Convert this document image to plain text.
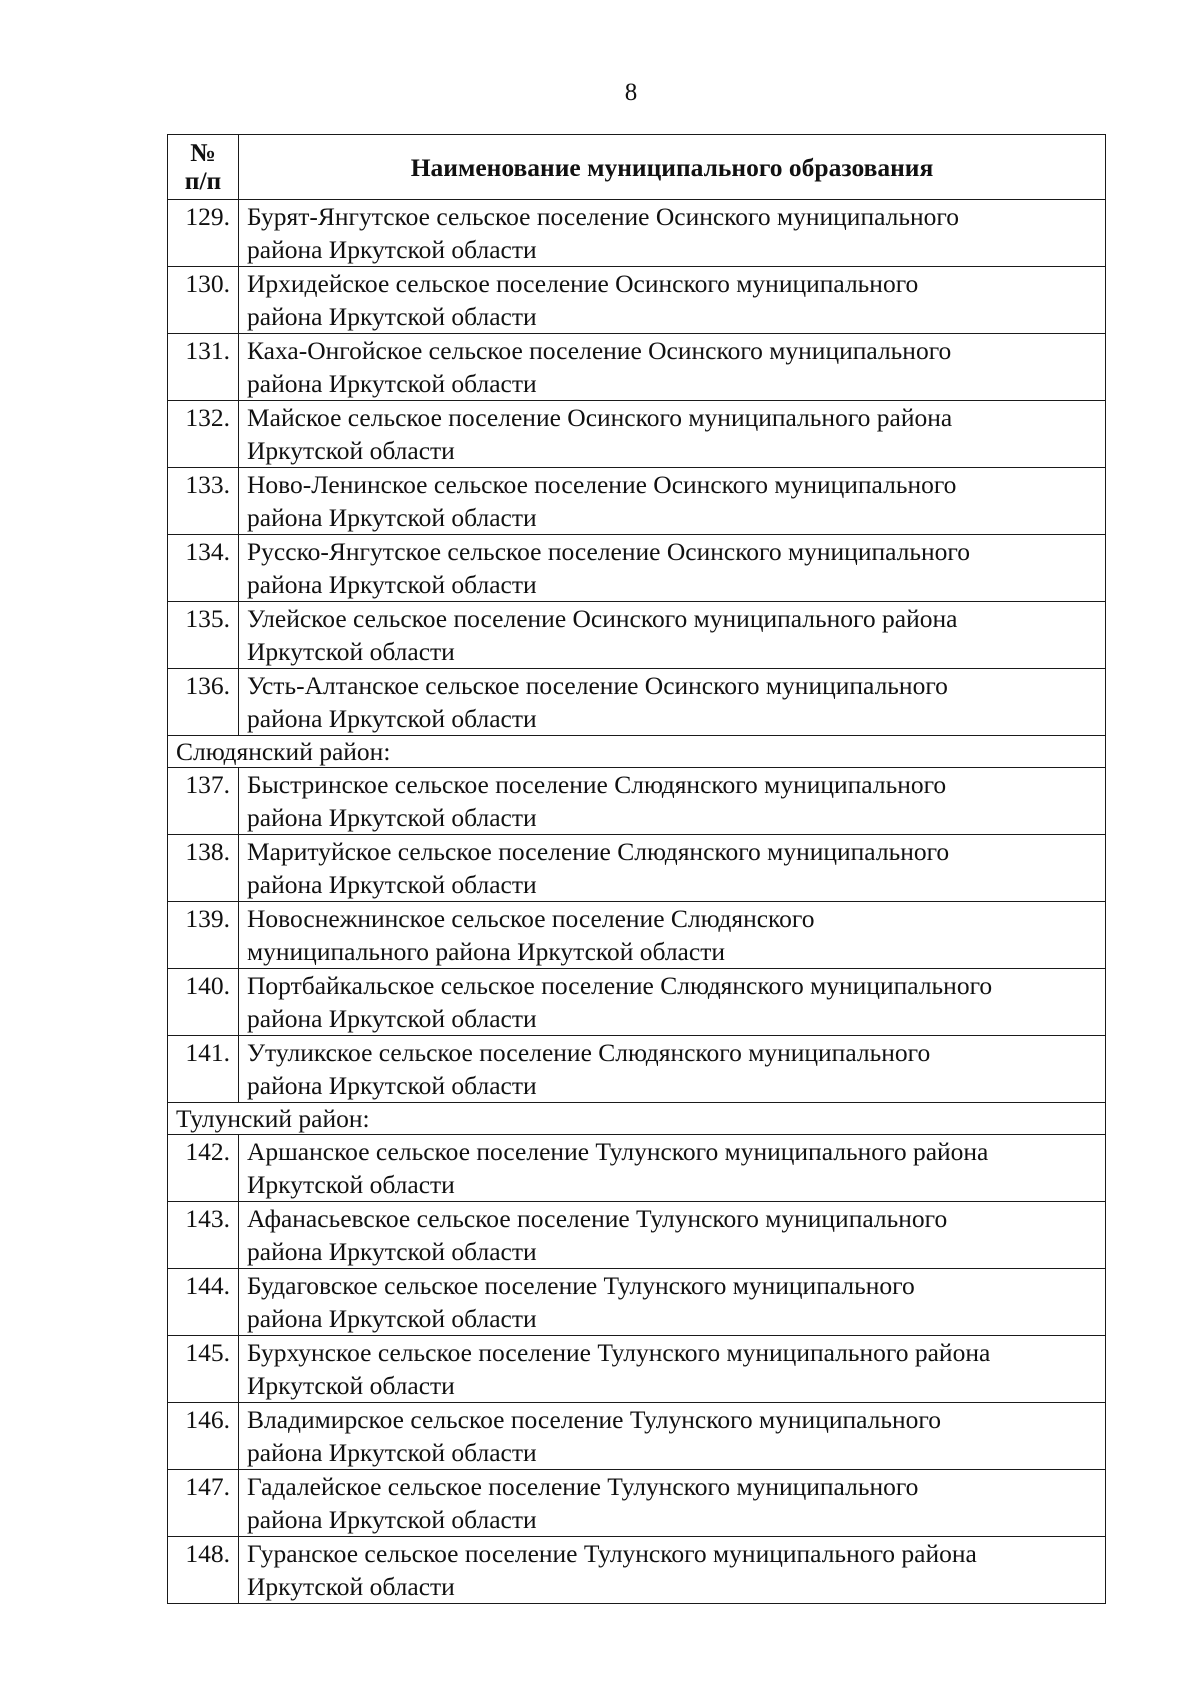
8
№
п/п	Наименование муниципального образования
129.	Бурят-Янгутское сельское поселение Осинского муниципального
района Иркутской области

130.	Ирхидейское сельское поселение Осинского муниципального
района Иркутской области

131.	Каха-Онгойское сельское поселение Осинского муниципального
района Иркутской области

132.	Майское сельское поселение Осинского муниципального района
Иркутской области

133.	Ново-Ленинское сельское поселение Осинского муниципального
района Иркутской области

134.	Русско-Янгутское сельское поселение Осинского муниципального
района Иркутской области

135.	Улейское сельское поселение Осинского муниципального района
Иркутской области

136.	Усть-Алтанское сельское поселение Осинского муниципального
района Иркутской области

Слюдянский район:	
137.	Быстринское сельское поселение Слюдянского муниципального
района Иркутской области

138.	Маритуйское сельское поселение Слюдянского муниципального
района Иркутской области

139.	Новоснежнинское сельское поселение Слюдянского
муниципального района Иркутской области

140.	Портбайкальское сельское поселение Слюдянского муниципального
района Иркутской области

141.	Утуликское сельское поселение Слюдянского муниципального
района Иркутской области

Тулунский район:	
142.	Аршанское сельское поселение Тулунского муниципального района
Иркутской области

143.	Афанасьевское сельское поселение Тулунского муниципального
района Иркутской области

144.	Будаговское сельское поселение Тулунского муниципального
района Иркутской области

145.	Бурхунское сельское поселение Тулунского муниципального района
Иркутской области

146.	Владимирское сельское поселение Тулунского муниципального
района Иркутской области

147.	Гадалейское сельское поселение Тулунского муниципального
района Иркутской области

148.	Гуранское сельское поселение Тулунского муниципального района
Иркутской области
